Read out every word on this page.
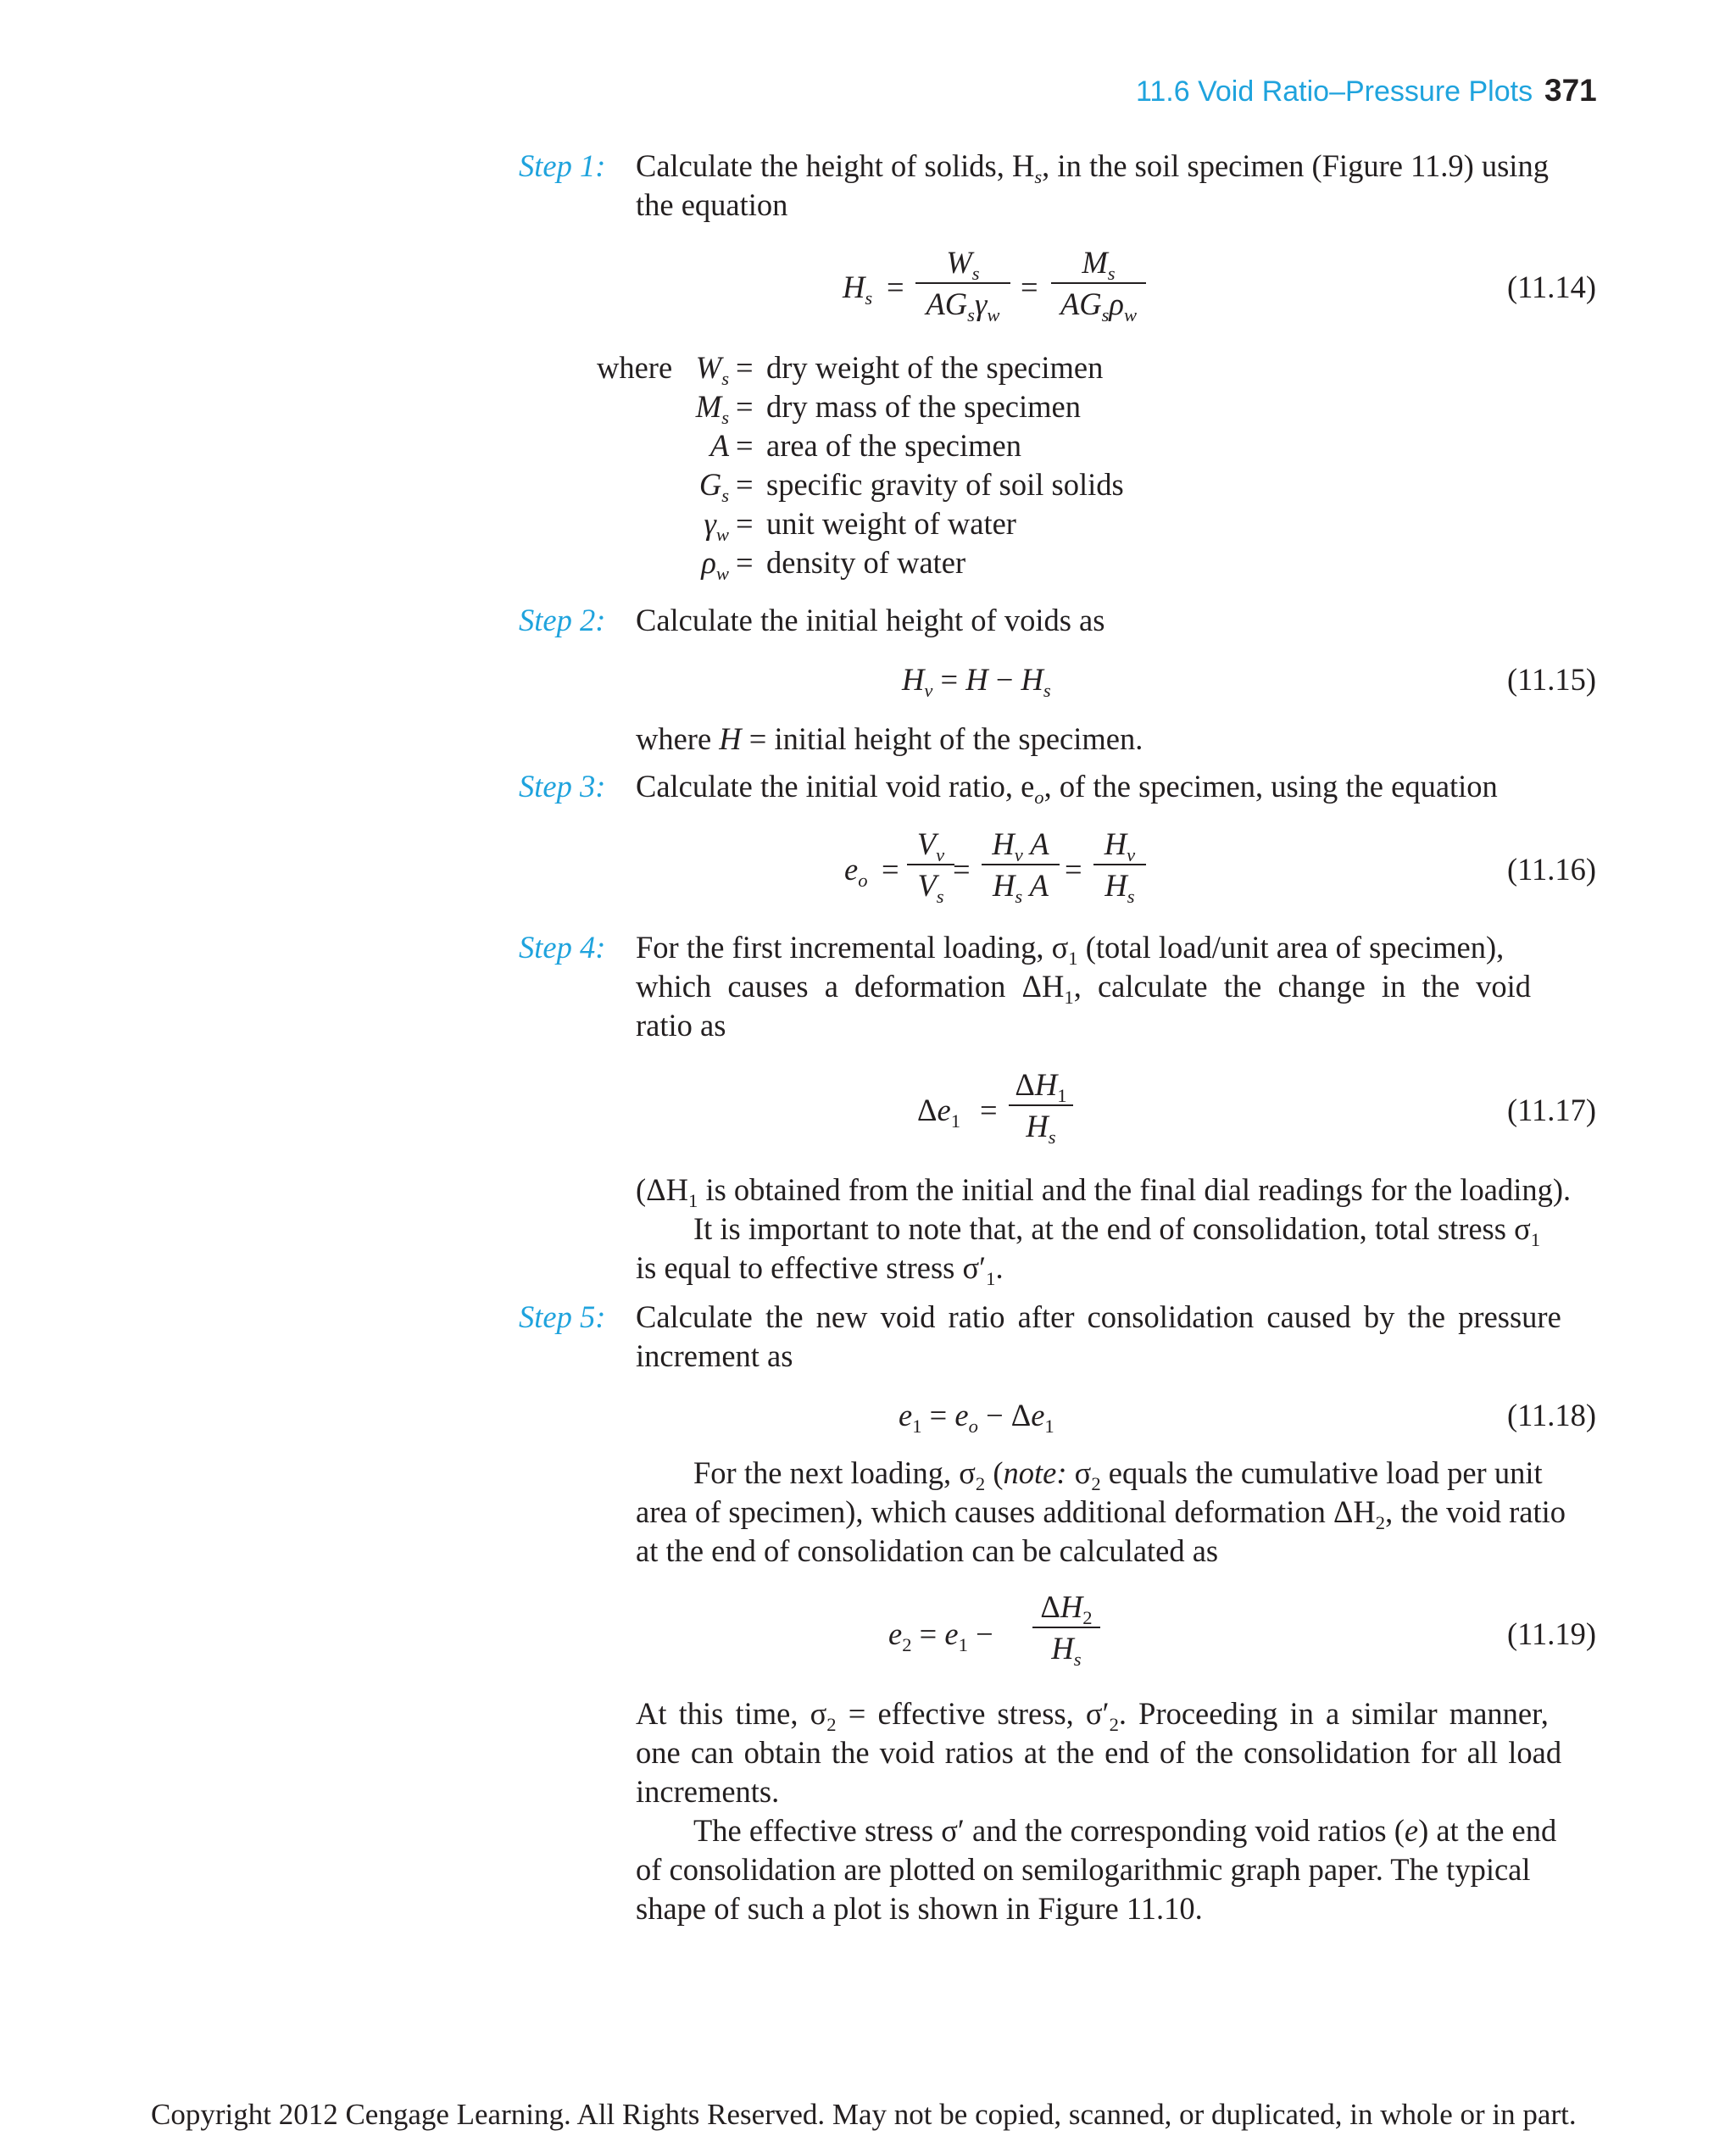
11.6 Void Ratio–Pressure Plots 371
Step 1: Calculate the height of solids, $H_s$, in the soil specimen (Figure 11.9) using
the equation
$H_s$ =
$W_s$
$AG_s\gamma_w$
=
$M_s$
$AG_s\rho_w$
(11.14)
where $W_s$ = dry weight of the specimen
$M_s$ = dry mass of the specimen
A = area of the specimen
$G_s$ = specific gravity of soil solids
$\gamma_w$ = unit weight of water
$\rho_w$ = density of water
Step 2: Calculate the initial height of voids as
$H_v = H - H_s$	(11.15)
where H = initial height of the specimen.
Step 3: Calculate the initial void ratio, $e_o$, of the specimen, using the equation
$e_o = \frac{V_v}{V_s}$
= $\frac{H_v A}{H_s A} = \frac{H_v}{H_s}$	(11.16)
Step 4: For the first incremental loading, $\sigma_1$ (total load/unit area of specimen),
which causes a deformation $\Delta H_1$, calculate the change in the void
ratio as
$\Delta e_1 = \frac{\Delta H_1}{H_s}$	(11.17)
($\Delta H_1$ is obtained from the initial and the final dial readings for the loading).
It is important to note that, at the end of consolidation, total stress $\sigma_1$
is equal to effective stress $\sigma'_1$.
Step 5: Calculate the new void ratio after consolidation caused by the pressure
increment as
$e_1 = e_o - \Delta e_1$	(11.18)
For the next loading, $\sigma_2$ (note: $\sigma_2$ equals the cumulative load per unit
area of specimen), which causes additional deformation $\Delta H_2$, the void ratio
at the end of consolidation can be calculated as
$e_2 = e_1 - \frac{\Delta H_2}{H_s}$	(11.19)
At this time, $\sigma_2$ = effective stress, $\sigma'_2$. Proceeding in a similar manner,
one can obtain the void ratios at the end of the consolidation for all load
increments.
The effective stress σ′ and the corresponding void ratios (e) at the end
of consolidation are plotted on semilogarithmic graph paper. The typical
shape of such a plot is shown in Figure 11.10.
Copyright 2012 Cengage Learning. All Rights Reserved. May not be copied, scanned, or duplicated, in whole or in part.
